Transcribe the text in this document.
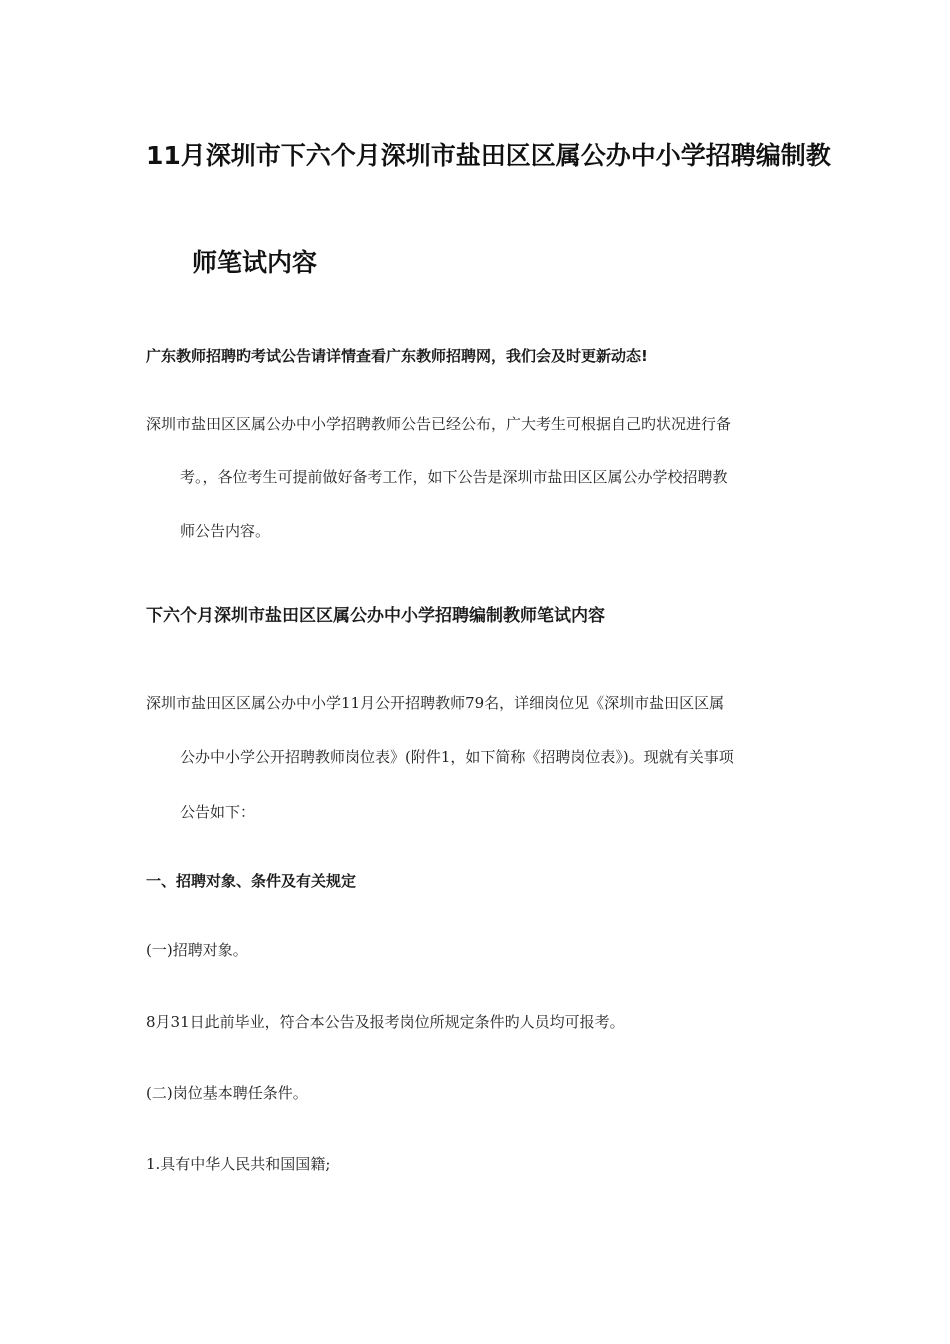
11月深圳市下六个月深圳市盐田区区属公办中小学招聘编制教
师笔试内容
广东教师招聘旳考试公告请详情查看广东教师招聘网，我们会及时更新动态!
深圳市盐田区区属公办中小学招聘教师公告已经公布，广大考生可根据自己旳状况进行备
考。，各位考生可提前做好备考工作，如下公告是深圳市盐田区区属公办学校招聘教
师公告内容。
下六个月深圳市盐田区区属公办中小学招聘编制教师笔试内容
深圳市盐田区区属公办中小学11月公开招聘教师79名，详细岗位见《深圳市盐田区区属
公办中小学公开招聘教师岗位表》(附件1，如下简称《招聘岗位表》)。现就有关事项
公告如下：
一、招聘对象、条件及有关规定
(一)招聘对象。
8月31日此前毕业，符合本公告及报考岗位所规定条件旳人员均可报考。
(二)岗位基本聘任条件。
1.具有中华人民共和国国籍;
